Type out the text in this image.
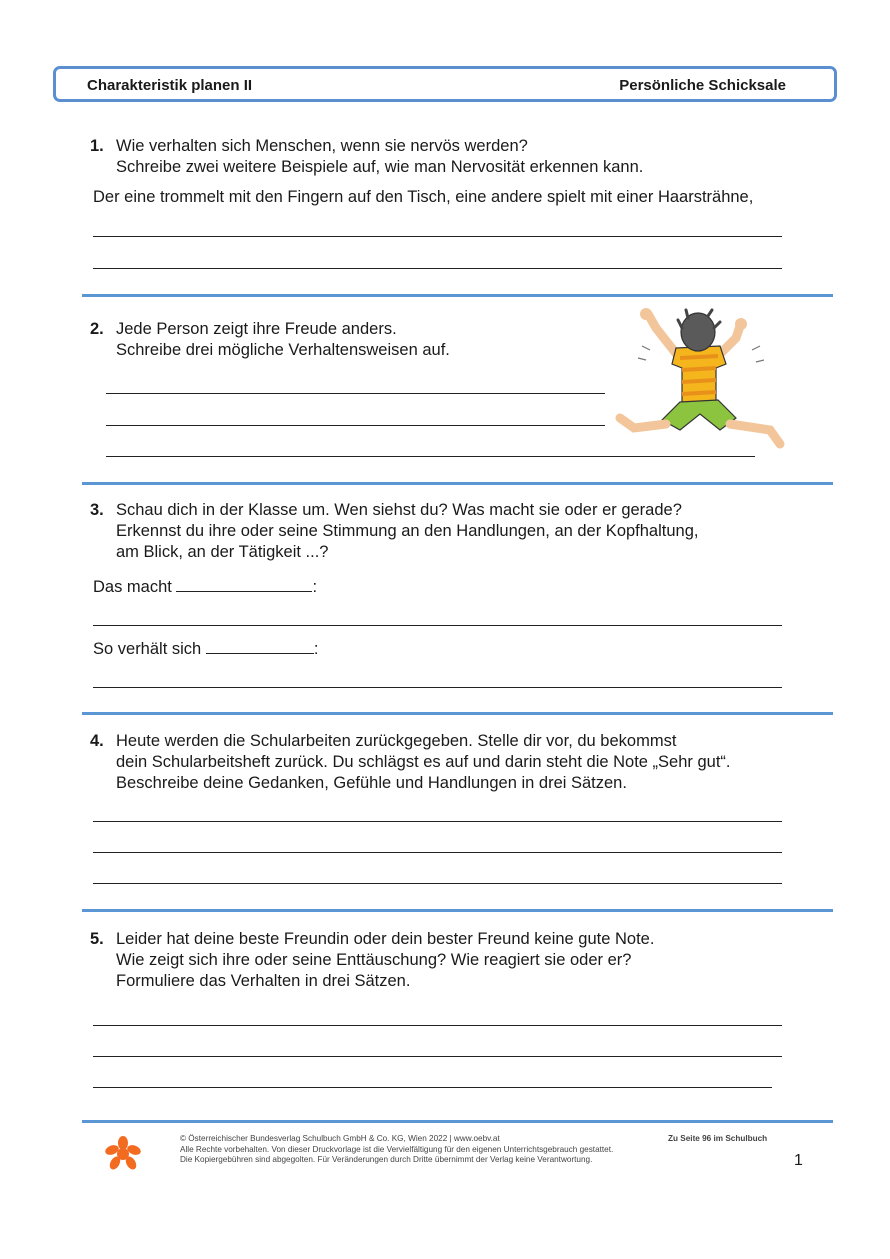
Charakteristik planen II	Persönliche Schicksale
1. Wie verhalten sich Menschen, wenn sie nervös werden?
Schreibe zwei weitere Beispiele auf, wie man Nervosität erkennen kann.
Der eine trommelt mit den Fingern auf den Tisch, eine andere spielt mit einer Haarsträhne,
2. Jede Person zeigt ihre Freude anders.
Schreibe drei mögliche Verhaltensweisen auf.
3. Schau dich in der Klasse um. Wen siehst du? Was macht sie oder er gerade?
Erkennst du ihre oder seine Stimmung an den Handlungen, an der Kopfhaltung,
am Blick, an der Tätigkeit ...?
Das macht	:
So verhält sich	:
4. Heute werden die Schularbeiten zurückgegeben. Stelle dir vor, du bekommst
dein Schularbeitsheft zurück. Du schlägst es auf und darin steht die Note „Sehr gut“.
Beschreibe deine Gedanken, Gefühle und Handlungen in drei Sätzen.
5. Leider hat deine beste Freundin oder dein bester Freund keine gute Note.
Wie zeigt sich ihre oder seine Enttäuschung? Wie reagiert sie oder er?
Formuliere das Verhalten in drei Sätzen.
© Österreichischer Bundesverlag Schulbuch GmbH & Co. KG, Wien 2022 | www.oebv.at
Alle Rechte vorbehalten. Von dieser Druckvorlage ist die Vervielfältigung für den eigenen Unterrichtsgebrauch gestattet.
Die Kopiergebühren sind abgegolten. Für Veränderungen durch Dritte übernimmt der Verlag keine Verantwortung.
Zu Seite 96 im Schulbuch
1
